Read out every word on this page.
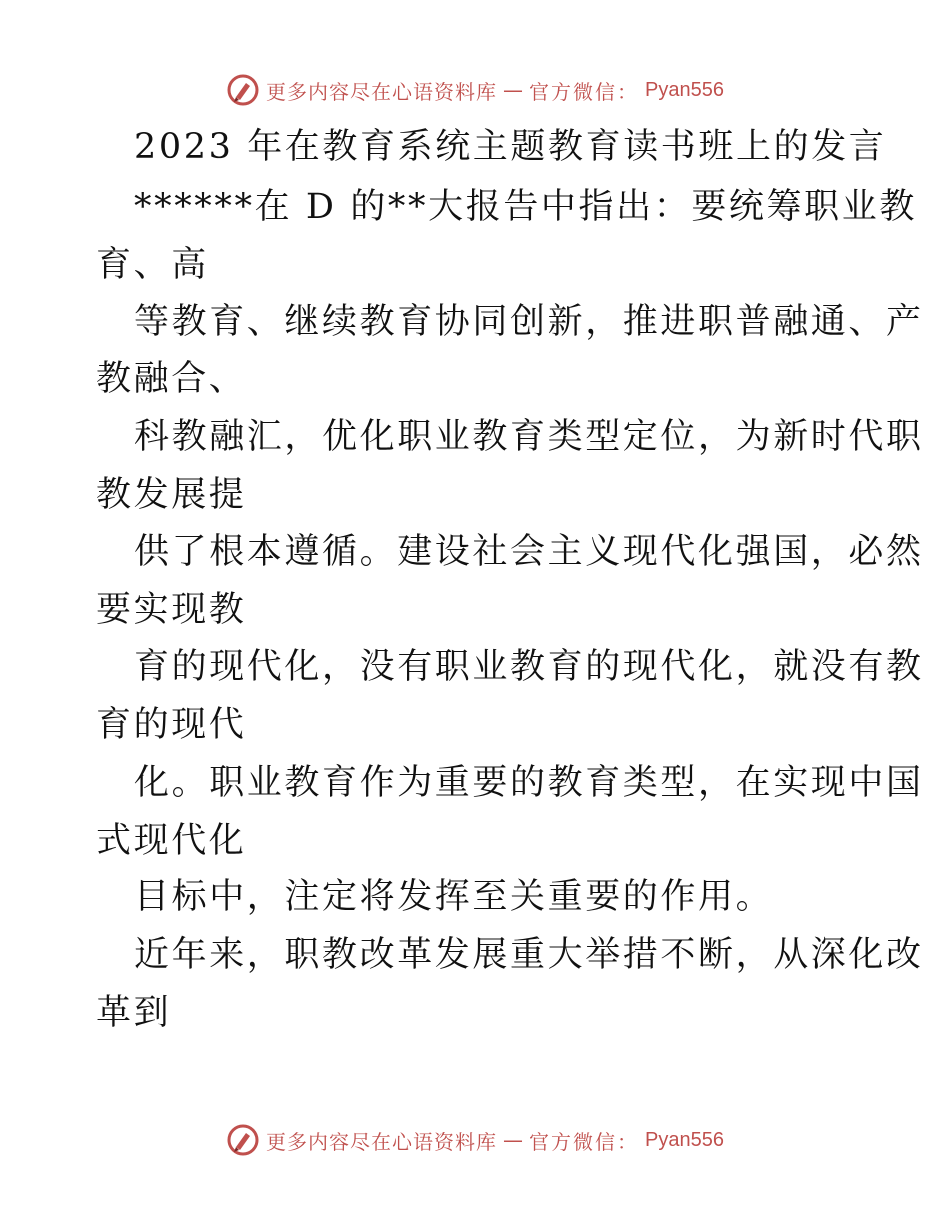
更多内容尽在心语资料库 — 官方微信： Pyan556
2023 年在教育系统主题教育读书班上的发言
******在 D 的**大报告中指出：要统筹职业教
育、高
等教育、继续教育协同创新，推进职普融通、产
教融合、
科教融汇，优化职业教育类型定位，为新时代职
教发展提
供了根本遵循。建设社会主义现代化强国，必然
要实现教
育的现代化，没有职业教育的现代化，就没有教
育的现代
化。职业教育作为重要的教育类型，在实现中国
式现代化
目标中，注定将发挥至关重要的作用。
近年来，职教改革发展重大举措不断，从深化改
革到
更多内容尽在心语资料库 — 官方微信： Pyan556
